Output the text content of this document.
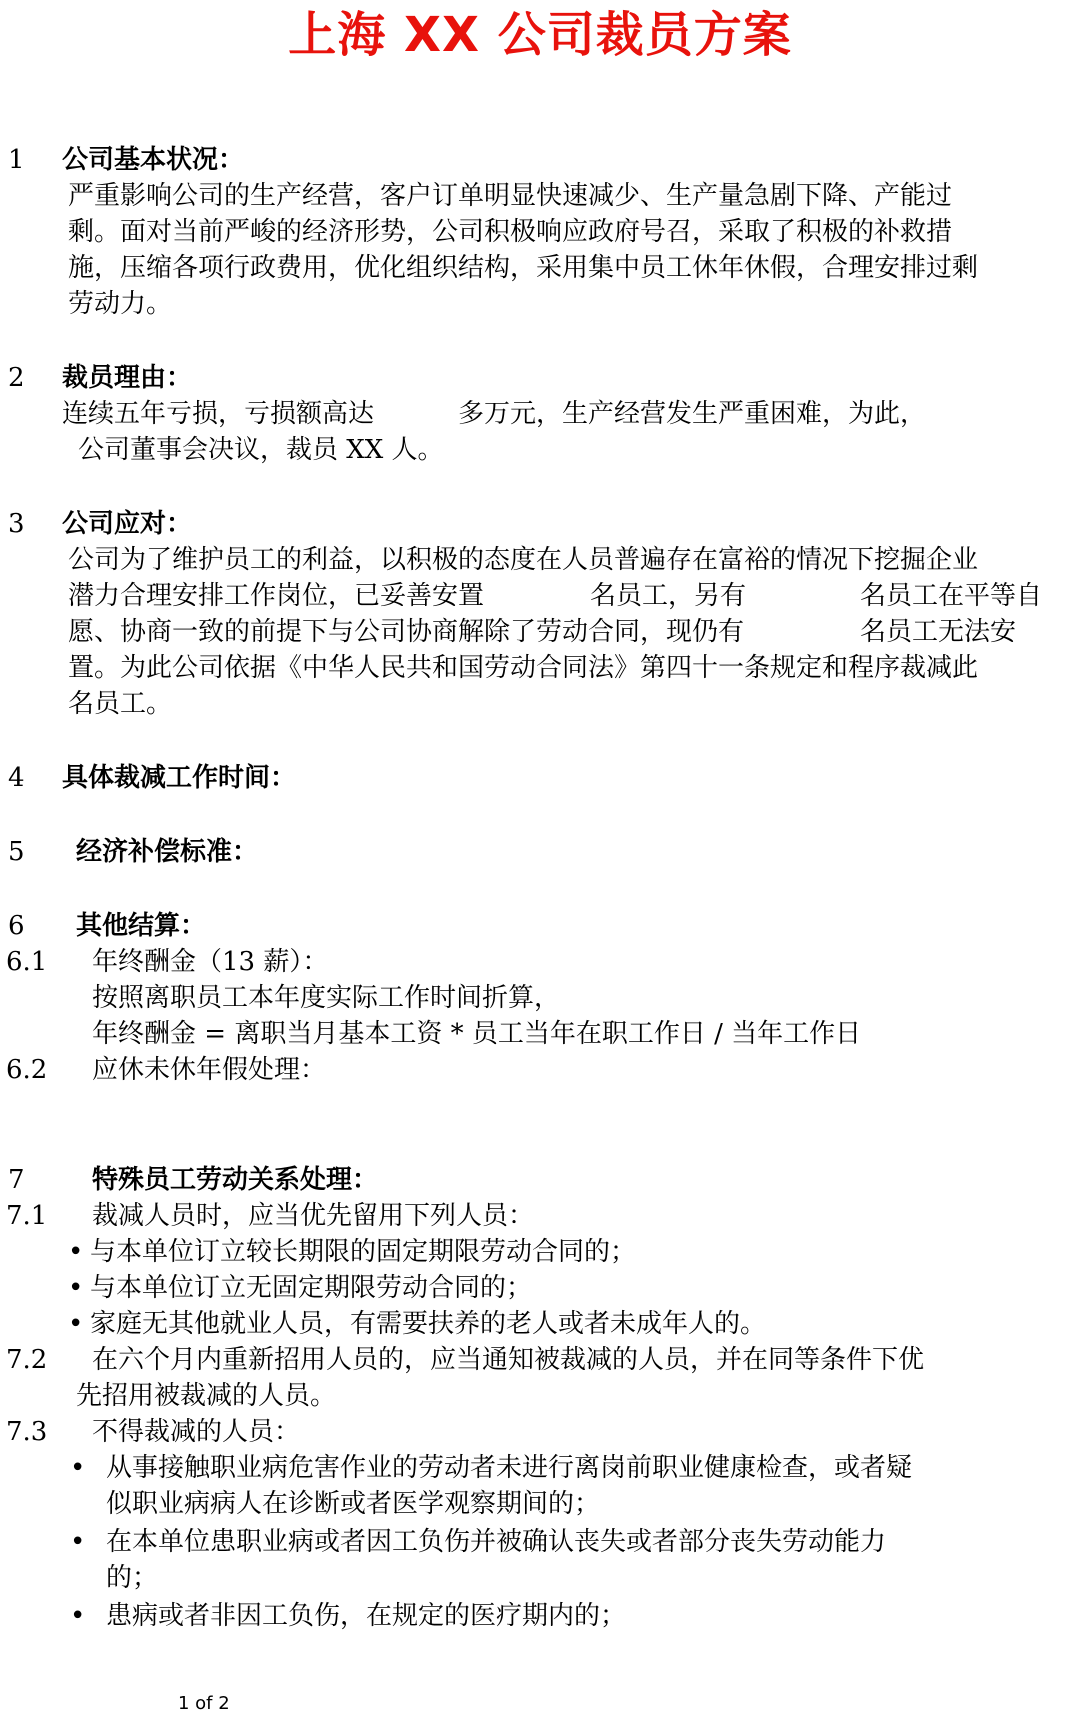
上海 XX 公司裁员方案
1 公司基本状况：
严重影响公司的生产经营，客户订单明显快速减少、生产量急剧下降、产能过
剩。面对当前严峻的经济形势，公司积极响应政府号召，采取了积极的补救措
施，压缩各项行政费用，优化组织结构，采用集中员工休年休假，合理安排过剩
劳动力。
2 裁员理由：
连续五年亏损，亏损额高达	多万元，生产经营发生严重困难，为此，
公司董事会决议，裁员 XX 人。
3 公司应对：
公司为了维护员工的利益，以积极的态度在人员普遍存在富裕的情况下挖掘企业
潜力合理安排工作岗位，已妥善安置	名员工，另有	名员工在平等自
愿、协商一致的前提下与公司协商解除了劳动合同，现仍有	名员工无法安
置。为此公司依据《中华人民共和国劳动合同法》第四十一条规定和程序裁减此
名员工。
4 具体裁减工作时间：
5 经济补偿标准：
6 其他结算：
6.1 年终酬金（13 薪）：
按照离职员工本年度实际工作时间折算，
年终酬金 = 离职当月基本工资 * 员工当年在职工作日 / 当年工作日
6.2 应休未休年假处理：
7	特殊员工劳动关系处理：
7.1 裁减人员时，应当优先留用下列人员：
• 与本单位订立较长期限的固定期限劳动合同的；
• 与本单位订立无固定期限劳动合同的；
• 家庭无其他就业人员，有需要扶养的老人或者未成年人的。
7.2 在六个月内重新招用人员的，应当通知被裁减的人员，并在同等条件下优
先招用被裁减的人员。
7.3 不得裁减的人员：
• 从事接触职业病危害作业的劳动者未进行离岗前职业健康检查，或者疑
似职业病病人在诊断或者医学观察期间的；
• 在本单位患职业病或者因工负伤并被确认丧失或者部分丧失劳动能力
的；
• 患病或者非因工负伤，在规定的医疗期内的；
1 of 2
